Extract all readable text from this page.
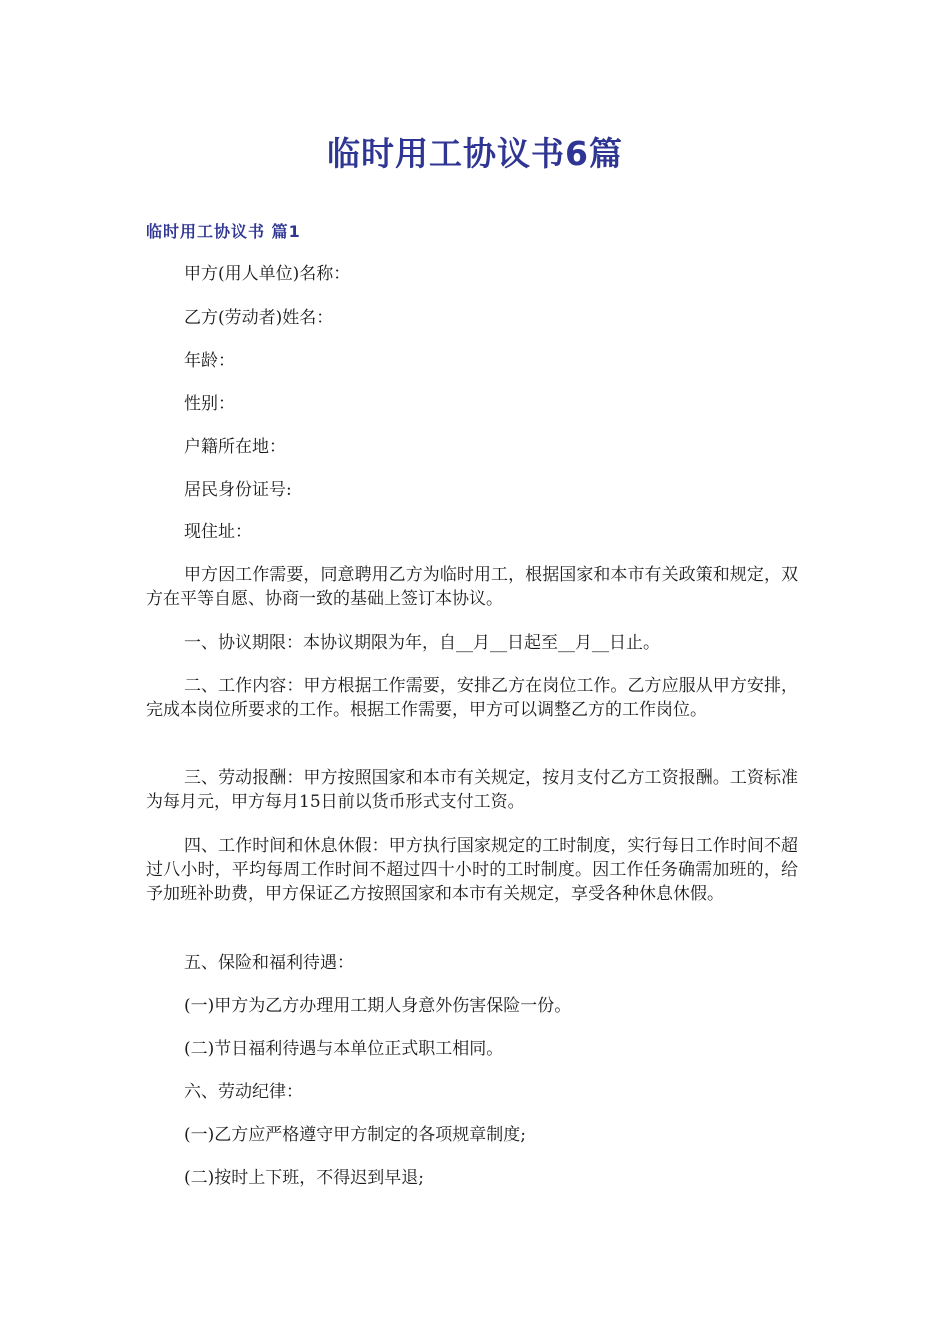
临时用工协议书6篇
临时用工协议书 篇1

甲方(用人单位)名称：

乙方(劳动者)姓名：

年龄：

性别：

户籍所在地：

居民身份证号:

现住址：

甲方因工作需要，同意聘用乙方为临时用工，根据国家和本市有关政策和规定，双方在平等自愿、协商一致的基础上签订本协议。

一、协议期限：本协议期限为年，自__月__日起至__月__日止。

二、工作内容：甲方根据工作需要，安排乙方在岗位工作。乙方应服从甲方安排，完成本岗位所要求的工作。根据工作需要，甲方可以调整乙方的工作岗位。

三、劳动报酬：甲方按照国家和本市有关规定，按月支付乙方工资报酬。工资标准为每月元，甲方每月15日前以货币形式支付工资。

四、工作时间和休息休假：甲方执行国家规定的工时制度，实行每日工作时间不超过八小时，平均每周工作时间不超过四十小时的工时制度。因工作任务确需加班的，给予加班补助费，甲方保证乙方按照国家和本市有关规定，享受各种休息休假。

五、保险和福利待遇：

(一)甲方为乙方办理用工期人身意外伤害保险一份。

(二)节日福利待遇与本单位正式职工相同。

六、劳动纪律：

(一)乙方应严格遵守甲方制定的各项规章制度;

(二)按时上下班，不得迟到早退;
